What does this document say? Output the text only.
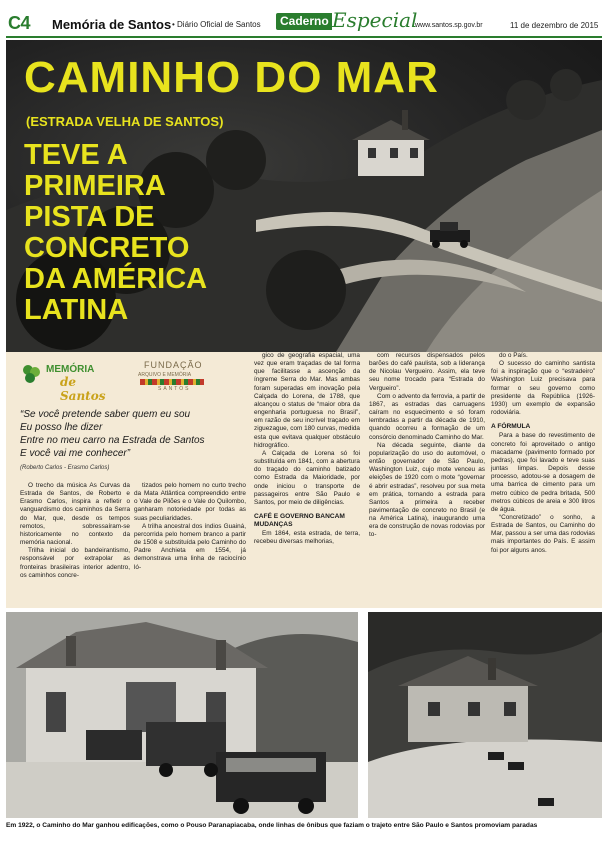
C4 Memória de Santos • Diário Oficial de Santos	Caderno Especial
www.santos.sp.gov.br	11 de dezembro de 2015
CAMINHO DO MAR
(ESTRADA VELHA DE SANTOS)
TEVE A
PRIMEIRA
PISTA DE
CONCRETO
DA AMÉRICA
LATINA
MEMÓRIA
de Santos
FUNDAÇÃO
ARQUIVO E MEMÓRIA
SANTOS
“Se você pretende saber quem eu sou
Eu posso lhe dizer
Entre no meu carro na Estrada de Santos
E você vai me conhecer”
(Roberto Carlos - Erasmo Carlos)

O trecho da música As Curvas da Estrada de Santos, de Roberto e Erasmo Carlos, inspira a refletir o vanguardismo dos caminhos da Serra do Mar, que, desde os tempos remotos, sobressaíram-se historicamente no contexto da memória nacional.

Trilha inicial do bandeirantismo, responsável por extrapolar as fronteiras brasileiras interior adentro, os caminhos concre-

tizados pelo homem no curto trecho da Mata Atlântica compreendido entre o Vale de Pilões e o Vale do Quilombo, ganharam notoriedade por todas as suas peculiaridades.

A trilha ancestral dos índios Guainá, percorrida pelo homem branco a partir de 1508 e substituída pelo Caminho do Padre Anchieta em 1554, já demonstrava uma linha de raciocínio ló-

gico de geografia espacial, uma vez que eram traçadas de tal forma que facilitasse a ascenção da íngreme Serra do Mar. Mas ambas foram superadas em inovação pela Calçada do Lorena, de 1788, que alcançou o status de “maior obra da engenharia portuguesa no Brasil”, em razão de seu incrível traçado em ziguezague, com 180 curvas, medida esta que evitava qualquer obstáculo hidrográfico.

A Calçada de Lorena só foi substituída em 1841, com a abertura do traçado do caminho batizado como Estrada da Maioridade, por onde iniciou o transporte de passageiros entre São Paulo e Santos, por meio de diligências.

CAFÉ E GOVERNO BANCAM MUDANÇAS

Em 1864, esta estrada, de terra, recebeu diversas melhorias,

com recursos dispensados pelos barões do café paulista, sob a liderança de Nicolau Vergueiro. Assim, ela teve seu nome trocado para “Estrada do Vergueiro”.

Com o advento da ferrovia, a partir de 1867, as estradas das carruagens caíram no esquecimento e só foram lembradas a partir da década de 1910, quando ocorreu a formação de um consórcio denominado Caminho do Mar.

Na década seguinte, diante da popularização do uso do automóvel, o então governador de São Paulo, Washington Luiz, cujo mote venceu as eleições de 1920 com o mote “governar é abrir estradas”, resolveu por sua meta em prática, tornando a estrada para Santos a primeira a receber pavimentação de concreto no Brasil (e na América Latina), inaugurando uma era de construção de novas rodovias por to-

do o País.

O sucesso do caminho santista foi a inspiração que o “estradeiro” Washington Luiz precisava para formar o seu governo como presidente da República (1926-1930) um exemplo de expansão rodoviária.

A FÓRMULA

Para a base do revestimento de concreto foi aproveitado o antigo macadame (pavimento formado por pedras), que foi lavado e teve suas juntas limpas. Depois desse processo, adotou-se a dosagem de uma barrica de cimento para um metro cúbico de pedra britada, 500 metros cúbicos de areia e 300 litros de água.

“Concretizado” o sonho, a Estrada de Santos, ou Caminho do Mar, passou a ser uma das rodovias mais importantes do País. E assim foi por alguns anos.

Em 1922, o Caminho do Mar ganhou edificações, como o Pouso Paranapiacaba, onde linhas de ônibus que faziam o trajeto entre São Paulo e Santos promoviam paradas
